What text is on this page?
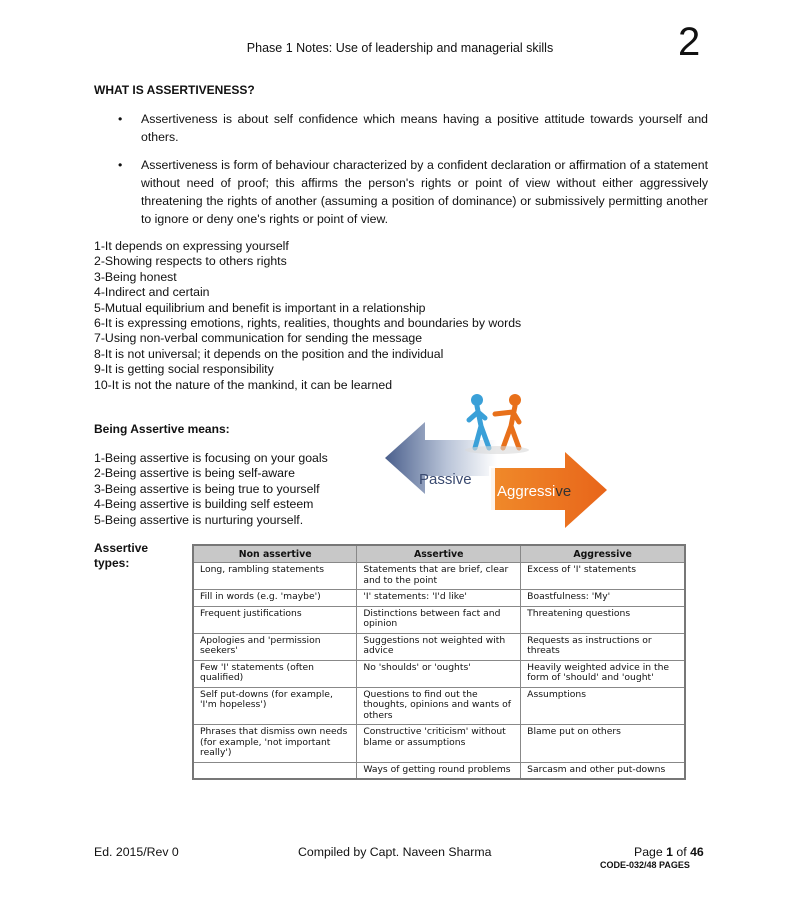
Phase 1 Notes: Use of leadership and managerial skills	2
WHAT IS ASSERTIVENESS?
• Assertiveness is about self confidence which means having a positive attitude towards yourself and others.
• Assertiveness is form of behaviour characterized by a confident declaration or affirmation of a statement without need of proof; this affirms the person's rights or point of view without either aggressively threatening the rights of another (assuming a position of dominance) or submissively permitting another to ignore or deny one's rights or point of view.
1-It depends on expressing yourself
2-Showing respects to others rights
3-Being honest
4-Indirect and certain
5-Mutual equilibrium and benefit is important in a relationship
6-It is expressing emotions, rights, realities, thoughts and boundaries by words
7-Using non-verbal communication for sending the message
8-It is not universal; it depends on the position and the individual
9-It is getting social responsibility
10-It is not the nature of the mankind, it can be learned
Being Assertive means:
1-Being assertive is focusing on your goals
2-Being assertive is being self-aware
3-Being assertive is being true to yourself
4-Being assertive is building self esteem
5-Being assertive is nurturing yourself.
Passive
Aggressive
Assertive types:
Non assertive	Assertive	Aggressive
Long, rambling statements	Statements that are brief, clear and to the point	Excess of 'I' statements
Fill in words (e.g. 'maybe')	'I' statements: 'I'd like'	Boastfulness: 'My'
Frequent justifications	Distinctions between fact and opinion	Threatening questions
Apologies and 'permission seekers'	Suggestions not weighted with advice	Requests as instructions or threats
Few 'I' statements (often qualified)	No 'shoulds' or 'oughts'	Heavily weighted advice in the form of 'should' and 'ought'
Self put-downs (for example, 'I'm hopeless')	Questions to find out the thoughts, opinions and wants of others	Assumptions
Phrases that dismiss own needs (for example, 'not important really')	Constructive 'criticism' without blame or assumptions	Blame put on others
	Ways of getting round problems	Sarcasm and other put-downs
Ed. 2015/Rev 0	Compiled by Capt. Naveen Sharma	Page 1 of 46
CODE-032/48 PAGES
